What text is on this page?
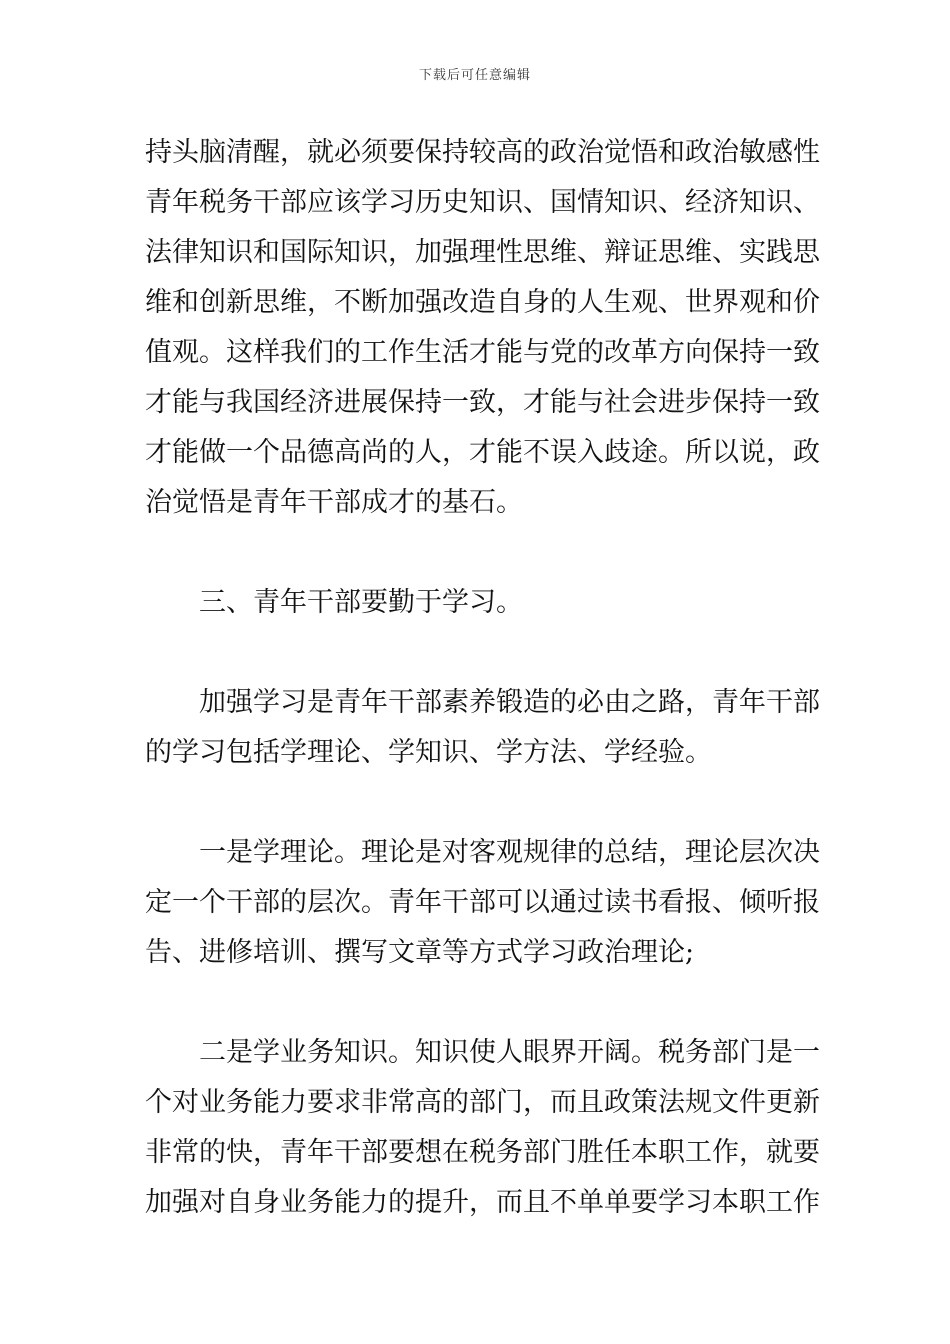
下载后可任意编辑

持头脑清醒，就必须要保持较高的政治觉悟和政治敏感性
青年税务干部应该学习历史知识、国情知识、经济知识、
法律知识和国际知识，加强理性思维、辩证思维、实践思
维和创新思维，不断加强改造自身的人生观、世界观和价
值观。这样我们的工作生活才能与党的改革方向保持一致
才能与我国经济进展保持一致，才能与社会进步保持一致
才能做一个品德高尚的人，才能不误入歧途。所以说，政
治觉悟是青年干部成才的基石。

三、青年干部要勤于学习。

加强学习是青年干部素养锻造的必由之路，青年干部
的学习包括学理论、学知识、学方法、学经验。

一是学理论。理论是对客观规律的总结，理论层次决
定一个干部的层次。青年干部可以通过读书看报、倾听报
告、进修培训、撰写文章等方式学习政治理论;

二是学业务知识。知识使人眼界开阔。税务部门是一
个对业务能力要求非常高的部门，而且政策法规文件更新
非常的快，青年干部要想在税务部门胜任本职工作，就要
加强对自身业务能力的提升，而且不单单要学习本职工作
